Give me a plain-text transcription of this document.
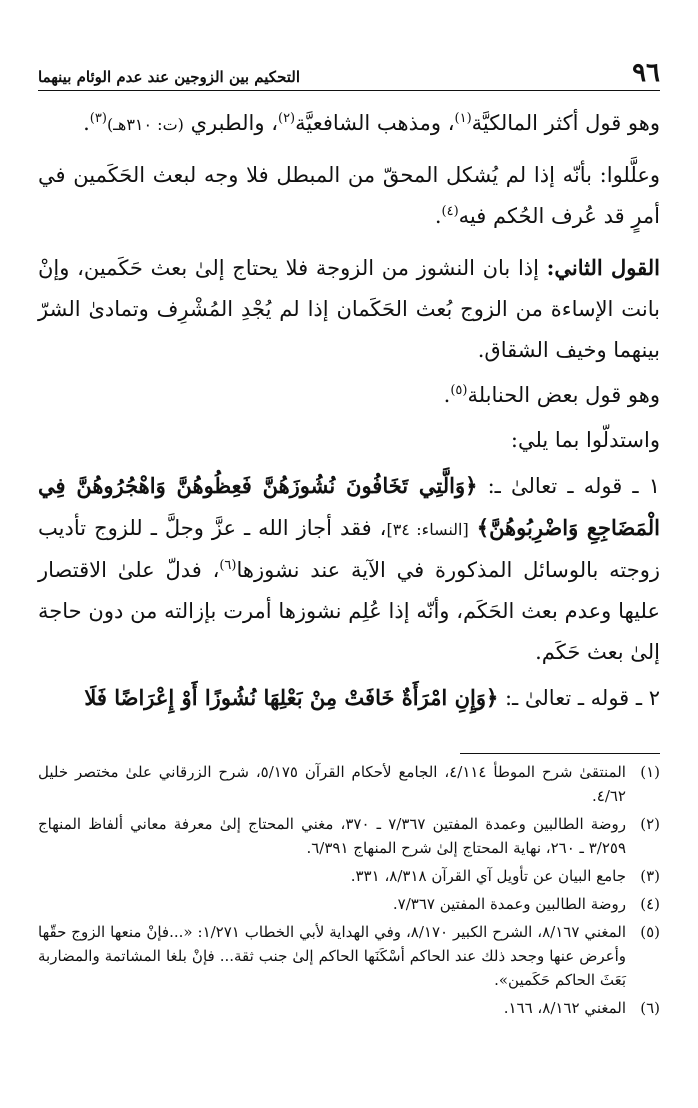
٩٦
التحكيم بين الزوجين عند عدم الوئام بينهما

وهو قول أكثر المالكيَّة$^{(١)}$، ومذهب الشافعيَّة$^{(٢)}$، والطبري (ت: ٣١٠هـ)$^{(٣)}$.

وعلَّلوا: بأنّه إذا لم يُشكل المحقّ من المبطل فلا وجه لبعث الحَكَمين في أمرٍ قد عُرف الحُكم فيه$^{(٤)}$.

القول الثاني: إذا بان النشوز من الزوجة فلا يحتاج إلىٰ بعث حَكَمين، وإنْ بانت الإساءة من الزوج بُعث الحَكَمان إذا لم يُجْدِ المُشْرِف وتمادىٰ الشرّ بينهما وخيف الشقاق.

وهو قول بعض الحنابلة$^{(٥)}$.

واستدلّوا بما يلي:

١ ـ قوله ـ تعالىٰ ـ: ﴿وَالَّتِي تَخَافُونَ نُشُوزَهُنَّ فَعِظُوهُنَّ وَاهْجُرُوهُنَّ فِي الْمَضَاجِعِ وَاضْرِبُوهُنَّ﴾ [النساء: ٣٤]، فقد أجاز الله ـ عزَّ وجلَّ ـ للزوج تأديب زوجته بالوسائل المذكورة في الآية عند نشوزها$^{(٦)}$، فدلّ علىٰ الاقتصار عليها وعدم بعث الحَكَم، وأنّه إذا عُلِم نشوزها أمرت بإزالته من دون حاجة إلىٰ بعث حَكَم.

٢ ـ قوله ـ تعالىٰ ـ: ﴿وَإِنِ امْرَأَةٌ خَافَتْ مِنْ بَعْلِهَا نُشُوزًا أَوْ إِعْرَاضًا فَلَا

(١)
المنتقىٰ شرح الموطأ ٤/١١٤، الجامع لأحكام القرآن ٥/١٧٥، شرح الزرقاني علىٰ مختصر خليل ٤/٦٢.
(٢)
روضة الطالبين وعمدة المفتين ٧/٣٦٧ ـ ٣٧٠، مغني المحتاج إلىٰ معرفة معاني ألفاظ المنهاج ٣/٢٥٩ ـ ٢٦٠، نهاية المحتاج إلىٰ شرح المنهاج ٦/٣٩١.
(٣)
جامع البيان عن تأويل آي القرآن ٨/٣١٨، ٣٣١.
(٤)
روضة الطالبين وعمدة المفتين ٧/٣٦٧.
(٥)
المغني ٨/١٦٧، الشرح الكبير ٨/١٧٠، وفي الهداية لأبي الخطاب ١/٢٧١: «...فإنْ منعها الزوج حقّها وأعرض عنها وجحد ذلك عند الحاكم أسْكَنَها الحاكم إلىٰ جنب ثقة... فإنْ بلغا المشاتمة والمضاربة بَعَثَ الحاكم حَكَمين».
(٦)
المغني ٨/١٦٢، ١٦٦.
